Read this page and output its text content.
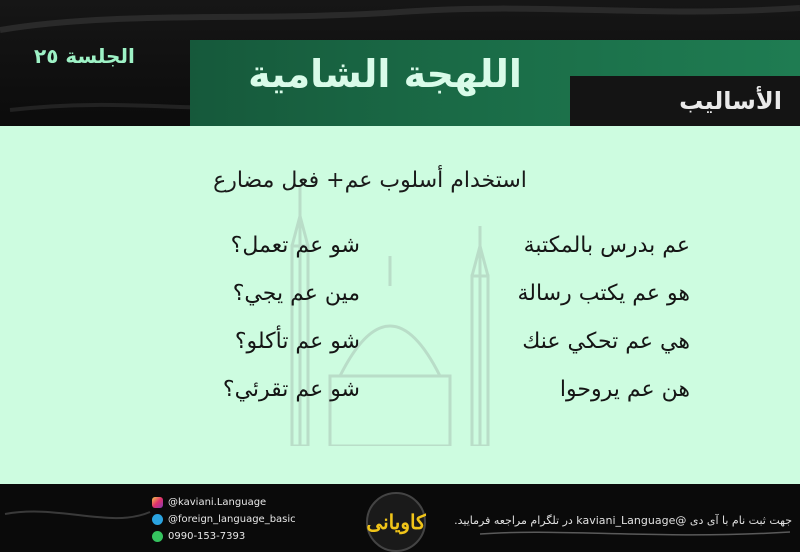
الجلسة ٢٥	اللهجة الشامية
الأساليب
استخدام أسلوب عم+ فعل مضارع
عم بدرس بالمكتبة
هو عم يكتب رسالة
هي عم تحكي عنك
هن عم يروحوا
شو عم تعمل؟
مين عم يجي؟
شو عم تأكلو؟
شو عم تقرئي؟
@kaviani.Language
@foreign_language_basic
0990-153-7393
کاویانی	جهت ثبت نام با آی دی @kaviani_Language در تلگرام مراجعه فرمایید.
